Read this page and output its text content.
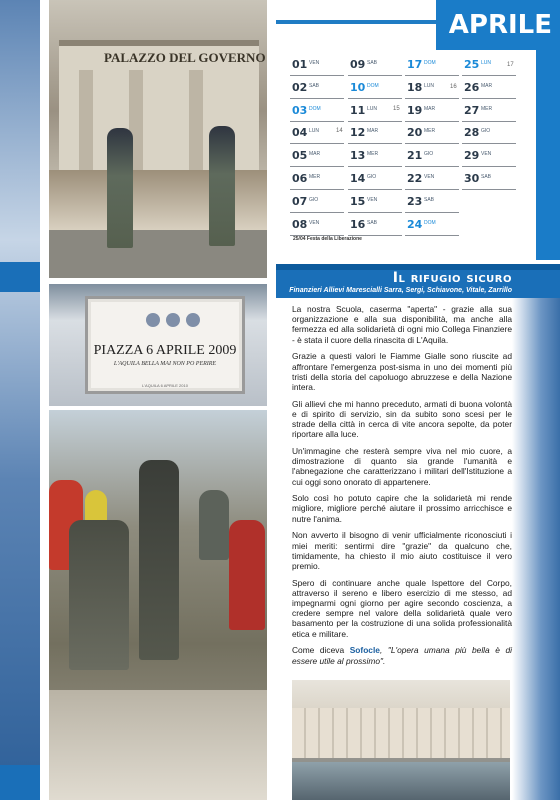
PALAZZO DEL GOVERNO
PIAZZA 6 APRILE 2009
L'AQUILA BELLA MAI NON PO PERIRE
L'AQUILA 6 APRILE 2010
APRILE
01 VEN
02 SAB
03 DOM
04 LUN
05 MAR
06 MER
07 GIO
08 VEN
09 SAB
10 DOM
11 LUN
12 MAR
13 MER
14 GIO
15 VEN
16 SAB
17 DOM
18 LUN
19 MAR
20 MER
21 GIO
22 VEN
23 SAB
24 DOM
25 LUN
26 MAR
27 MER
28 GIO
29 VEN
30 SAB
14
15
16
17
25/04 Festa della Liberazione
Il rifugio sicuro
Finanzieri Allievi Marescialli Sarra, Sergi, Schiavone, Vitale, Zarrillo

La nostra Scuola, caserma "aperta" - grazie alla sua organizzazione e alla sua disponibilità, ma anche alla fermezza ed alla solidarietà di ogni mio Collega Finanziere - è stata il cuore della rinascita di L'Aquila.

Grazie a questi valori le Fiamme Gialle sono riuscite ad affrontare l'emergenza post-sisma in uno dei momenti più tristi della storia del capoluogo abruzzese e della Nazione intera.

Gli allievi che mi hanno preceduto, armati di buona volontà e di spirito di servizio, sin da subito sono scesi per le strade della città in cerca di vite ancora sepolte, da poter riportare alla luce.

Un'immagine che resterà sempre viva nel mio cuore, a dimostrazione di quanto sia grande l'umanità e l'abnegazione che caratterizzano i militari dell'Istituzione a cui oggi sono onorato di appartenere.

Solo così ho potuto capire che la solidarietà mi rende migliore, migliore perché aiutare il prossimo arricchisce e nutre l'anima.

Non avverto il bisogno di venir ufficialmente riconosciuti i miei meriti: sentirmi dire "grazie" da qualcuno che, timidamente, ha chiesto il mio aiuto costituisce il vero premio.

Spero di continuare anche quale Ispettore del Corpo, attraverso il sereno e libero esercizio di me stesso, ad impegnarmi ogni giorno per agire secondo coscienza, a credere sempre nel valore della solidarietà quale vero basamento per la costruzione di una solida professionalità etica e militare.

Come diceva Sofocle, "L'opera umana più bella è di essere utile al prossimo".
